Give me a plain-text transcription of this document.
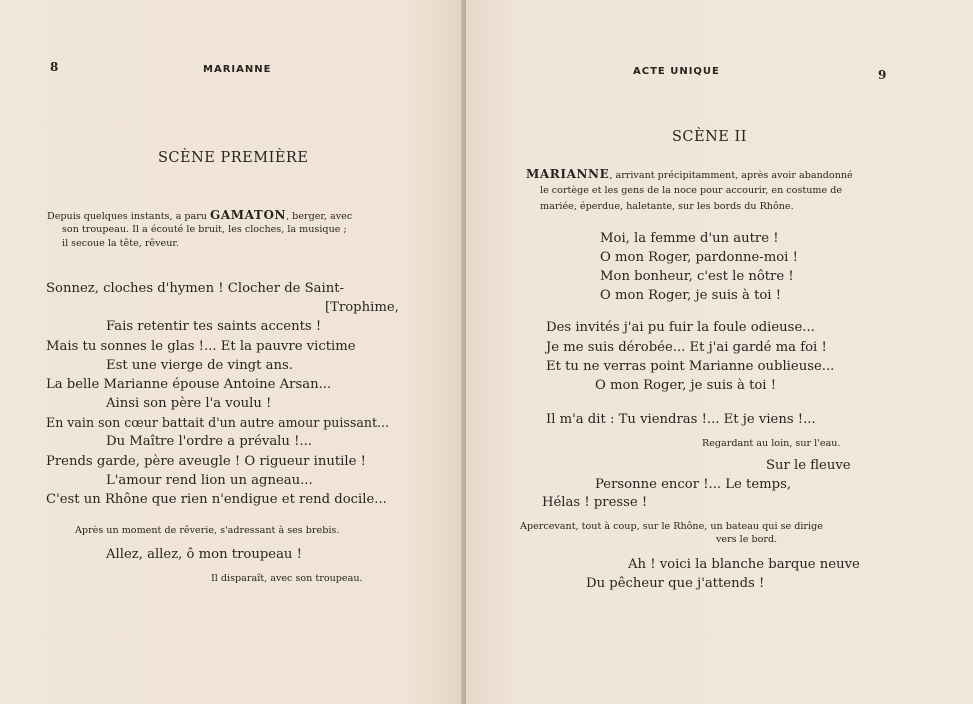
8	MARIANNE
SCÈNE PREMIÈRE
Depuis quelques instants, a paru GAMATON, berger, avec
son troupeau. Il a écouté le bruit, les cloches, la musique ;
il secoue la tête, rêveur.
Sonnez, cloches d'hymen ! Clocher de Saint-
[Trophime,
Fais retentir tes saints accents !
Mais tu sonnes le glas !... Et la pauvre victime
Est une vierge de vingt ans.
La belle Marianne épouse Antoine Arsan...
Ainsi son père l'a voulu !
En vain son cœur battait d'un autre amour puissant...
Du Maître l'ordre a prévalu !...
Prends garde, père aveugle ! O rigueur inutile !
L'amour rend lion un agneau...
C'est un Rhône que rien n'endigue et rend docile...
Après un moment de rêverie, s'adressant à ses brebis.
Allez, allez, ô mon troupeau !
Il disparaît, avec son troupeau.
ACTE UNIQUE	9
SCÈNE II
MARIANNE, arrivant précipitamment, après avoir abandonné
le cortège et les gens de la noce pour accourir, en costume de
mariée, éperdue, haletante, sur les bords du Rhône.
Moi, la femme d'un autre !
O mon Roger, pardonne-moi !
Mon bonheur, c'est le nôtre !
O mon Roger, je suis à toi !
Des invités j'ai pu fuir la foule odieuse...
Je me suis dérobée... Et j'ai gardé ma foi !
Et tu ne verras point Marianne oublieuse...
O mon Roger, je suis à toi !
Il m'a dit : Tu viendras !... Et je viens !...
Regardant au loin, sur l'eau.
Sur le fleuve
Personne encor !... Le temps,
Hélas ! presse !
Apercevant, tout à coup, sur le Rhône, un bateau qui se dirige
vers le bord.
Ah ! voici la blanche barque neuve
Du pêcheur que j'attends !
